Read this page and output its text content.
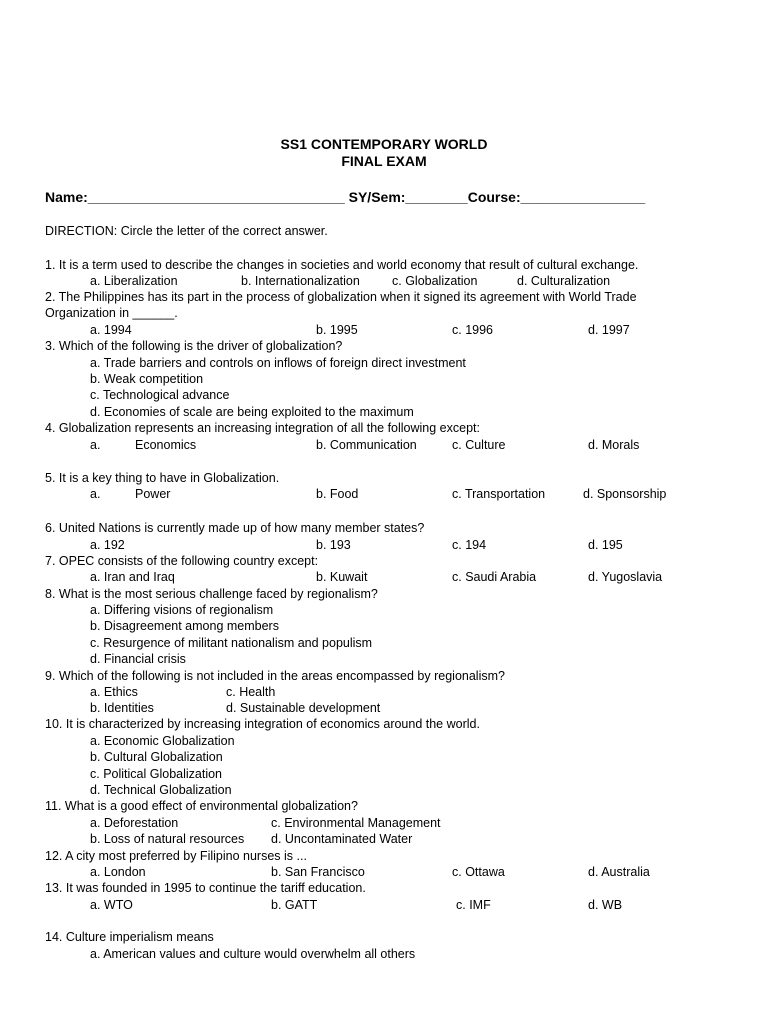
SS1 CONTEMPORARY WORLD
FINAL EXAM
Name:_________________________________ SY/Sem:________Course:________________
DIRECTION: Circle the letter of the correct answer.
1. It is a term used to describe the changes in societies and world economy that result of cultural exchange.
a. Liberalization	b. Internationalization	c. Globalization	d. Culturalization
2. The Philippines has its part in the process of globalization when it signed its agreement with World Trade
Organization in ______.
a. 1994	b. 1995	c. 1996	d. 1997
3. Which of the following is the driver of globalization?
a. Trade barriers and controls on inflows of foreign direct investment
b. Weak competition
c. Technological advance
d. Economies of scale are being exploited to the maximum
4. Globalization represents an increasing integration of all the following except:
a.	Economics	b. Communication	c. Culture	d. Morals
5. It is a key thing to have in Globalization.
a.	Power	b. Food	c. Transportation	d. Sponsorship
6. United Nations is currently made up of how many member states?
a. 192	b. 193	c. 194	d. 195
7. OPEC consists of the following country except:
a. Iran and Iraq	b. Kuwait	c. Saudi Arabia	d. Yugoslavia
8. What is the most serious challenge faced by regionalism?
a. Differing visions of regionalism
b. Disagreement among members
c. Resurgence of militant nationalism and populism
d. Financial crisis
9. Which of the following is not included in the areas encompassed by regionalism?
a. Ethics	c. Health
b. Identities	d. Sustainable development
10. It is characterized by increasing integration of economics around the world.
a. Economic Globalization
b. Cultural Globalization
c. Political Globalization
d. Technical Globalization
11. What is a good effect of environmental globalization?
a. Deforestation	c. Environmental Management
b. Loss of natural resources d. Uncontaminated Water
12. A city most preferred by Filipino nurses is ...
a. London	b. San Francisco	c. Ottawa	d. Australia
13. It was founded in 1995 to continue the tariff education.
a. WTO	b. GATT	c. IMF	d. WB
14. Culture imperialism means
a. American values and culture would overwhelm all others
